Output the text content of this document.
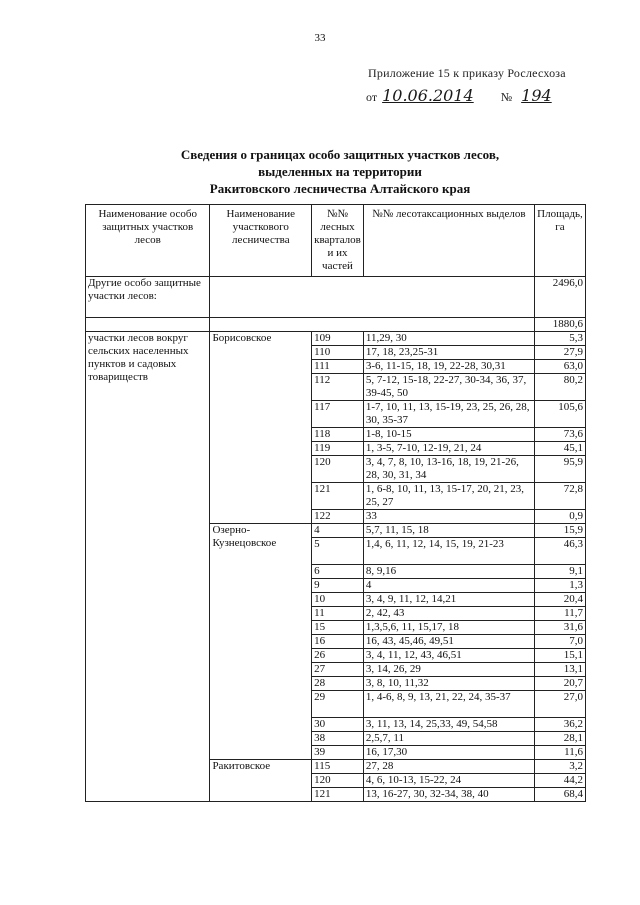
33
Приложение 15 к приказу Рослесхоза
от 10.06.2014 № 194
Сведения о границах особо защитных участков лесов,
выделенных на территории
Ракитовского лесничества Алтайского края
Наименование особо защитных участков лесов	Наименование участкового лесничества	№№ лесных кварталов и их частей	№№ лесотаксационных выделов	Площадь, га
Другие особо защитные участки лесов:				2496,0
				1880,6
участки лесов вокруг сельских населенных пунктов и садовых товариществ	Борисовское	109	11,29, 30	5,3
		110	17, 18, 23,25-31	27,9
		111	3-6, 11-15, 18, 19, 22-28, 30,31	63,0
		112	5, 7-12, 15-18, 22-27, 30-34, 36, 37, 39-45, 50	80,2
		117	1-7, 10, 11, 13, 15-19, 23, 25, 26, 28, 30, 35-37	105,6
		118	1-8, 10-15	73,6
		119	1, 3-5, 7-10, 12-19, 21, 24	45,1
		120	3, 4, 7, 8, 10, 13-16, 18, 19, 21-26, 28, 30, 31, 34	95,9
		121	1, 6-8, 10, 11, 13, 15-17, 20, 21, 23, 25, 27	72,8
		122	33	0,9
	Озерно-Кузнецовское	4	5,7, 11, 15, 18	15,9
		5	1,4, 6, 11, 12, 14, 15, 19, 21-23	46,3
		6	8, 9,16	9,1
		9	4	1,3
		10	3, 4, 9, 11, 12, 14,21	20,4
		11	2, 42, 43	11,7
		15	1,3,5,6, 11, 15,17, 18	31,6
		16	16, 43, 45,46, 49,51	7,0
		26	3, 4, 11, 12, 43, 46,51	15,1
		27	3, 14, 26, 29	13,1
		28	3, 8, 10, 11,32	20,7
		29	1, 4-6, 8, 9, 13, 21, 22, 24, 35-37	27,0
		30	3, 11, 13, 14, 25,33, 49, 54,58	36,2
		38	2,5,7, 11	28,1
		39	16, 17,30	11,6
	Ракитовское	115	27, 28	3,2
		120	4, 6, 10-13, 15-22, 24	44,2
		121	13, 16-27, 30, 32-34, 38, 40	68,4
